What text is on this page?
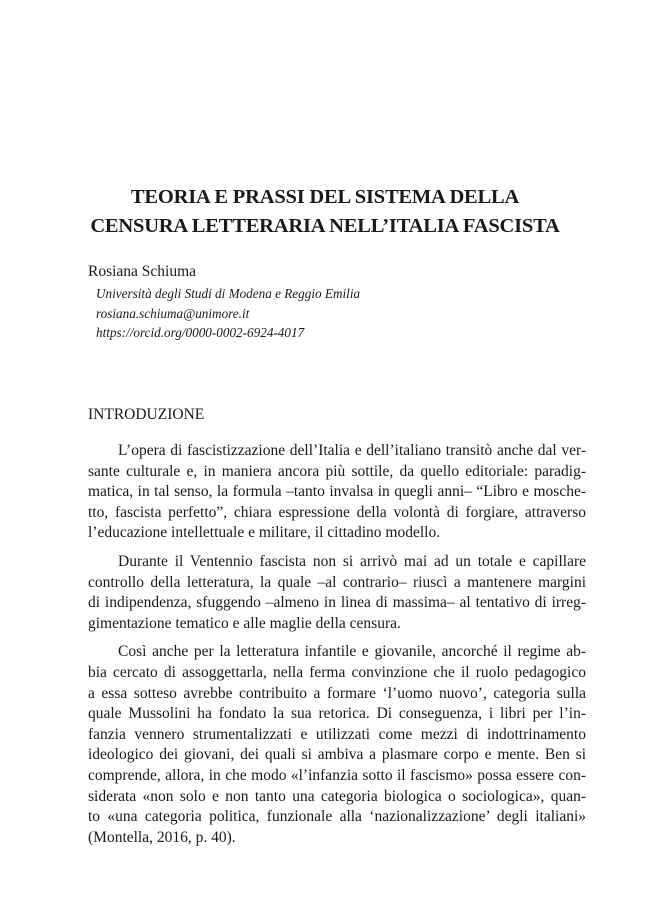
TEORIA E PRASSI DEL SISTEMA DELLA
CENSURA LETTERARIA NELL’ITALIA FASCISTA
Rosiana Schiuma
Università degli Studi di Modena e Reggio Emilia
rosiana.schiuma@unimore.it
https://orcid.org/0000-0002-6924-4017
INTRODUZIONE
L’opera di fascistizzazione dell’Italia e dell’italiano transitò anche dal ver-
sante culturale e, in maniera ancora più sottile, da quello editoriale: paradig-
matica, in tal senso, la formula –tanto invalsa in quegli anni– “Libro e mosche-
tto, fascista perfetto”, chiara espressione della volontà di forgiare, attraverso
l’educazione intellettuale e militare, il cittadino modello.
Durante il Ventennio fascista non si arrivò mai ad un totale e capillare
controllo della letteratura, la quale –al contrario– riuscì a mantenere margini
di indipendenza, sfuggendo –almeno in linea di massima– al tentativo di irreg-
gimentazione tematico e alle maglie della censura.
Così anche per la letteratura infantile e giovanile, ancorché il regime ab-
bia cercato di assoggettarla, nella ferma convinzione che il ruolo pedagogico
a essa sotteso avrebbe contribuito a formare ‘l’uomo nuovo’, categoria sulla
quale Mussolini ha fondato la sua retorica. Di conseguenza, i libri per l’in-
fanzia vennero strumentalizzati e utilizzati come mezzi di indottrinamento
ideologico dei giovani, dei quali si ambiva a plasmare corpo e mente. Ben si
comprende, allora, in che modo «l’infanzia sotto il fascismo» possa essere con-
siderata «non solo e non tanto una categoria biologica o sociologica», quan-
to «una categoria politica, funzionale alla ‘nazionalizzazione’ degli italiani»
(Montella, 2016, p. 40).
